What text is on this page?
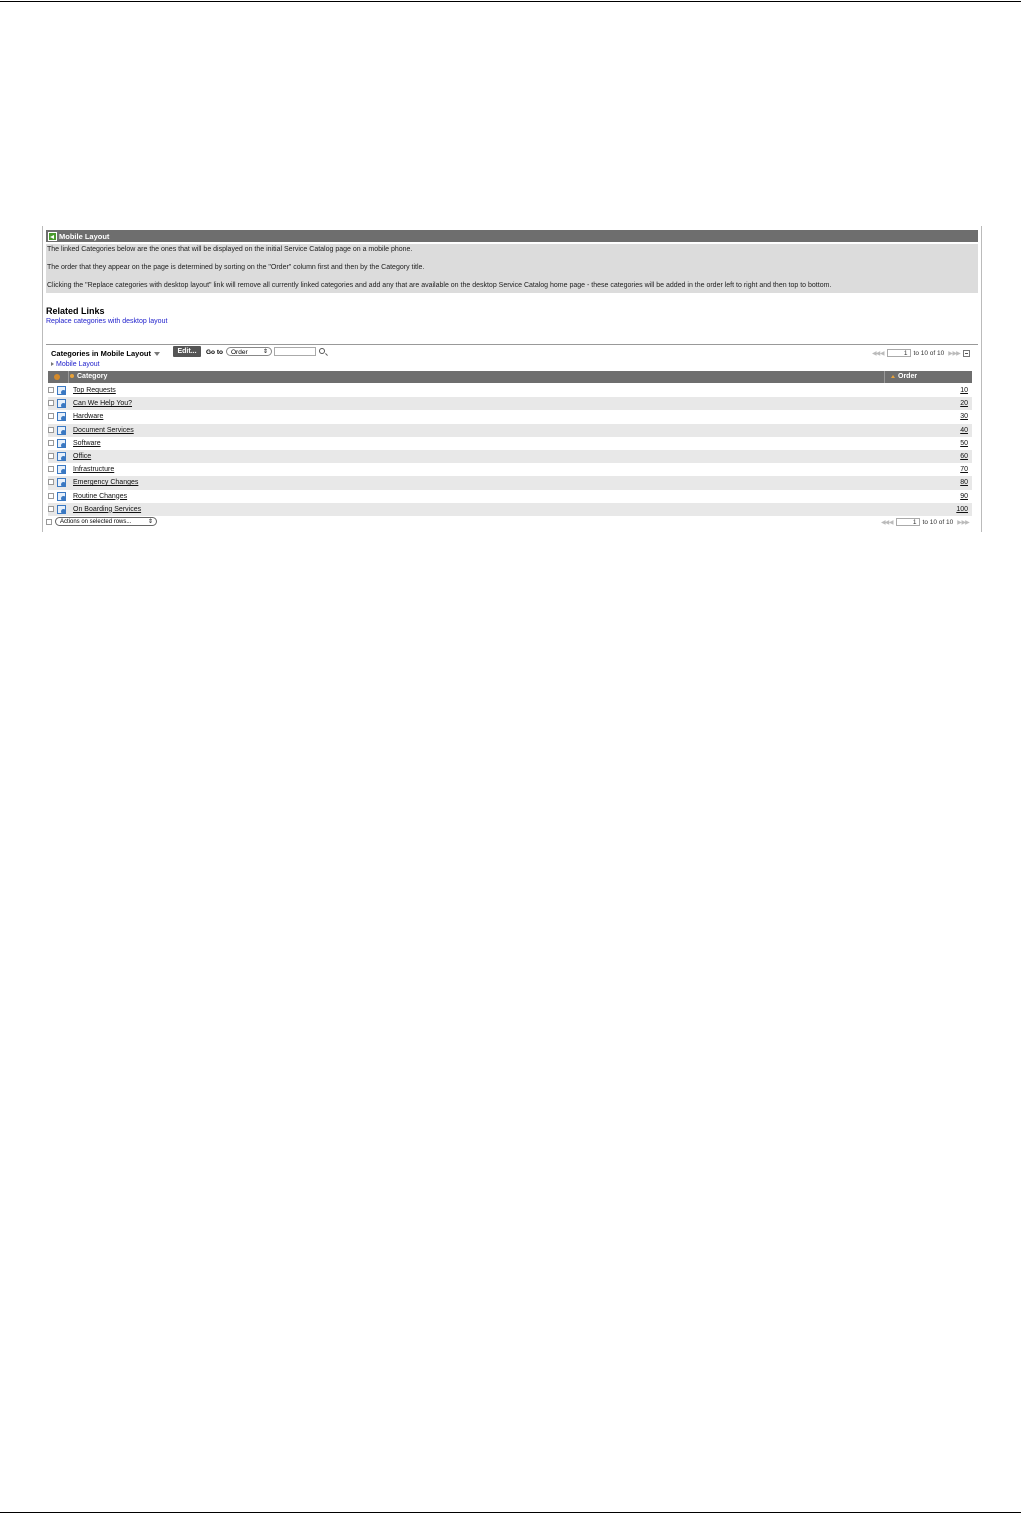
Mobile Layout

The linked Categories below are the ones that will be displayed on the initial Service Catalog page on a mobile phone.

The order that they appear on the page is determined by sorting on the "Order" column first and then by the Category title.

Clicking the "Replace categories with desktop layout" link will remove all currently linked categories and add any that are available on the desktop Service Catalog home page - these categories will be added in the order left to right and then top to bottom.

Related Links
Replace categories with desktop layout
Categories in Mobile Layout	Edit...	Go to	Order	⇕	◀◀ ◀	1 to 10 of 10 ▶ ▶▶
Mobile Layout
Category	Order
Top Requests	10
Can We Help You?	20
Hardware	30
Document Services	40
Software	50
Office	60
Infrastructure	70
Emergency Changes	80
Routine Changes	90
On Boarding Services	100
Actions on selected rows...	⇕	◀◀ ◀	1 to 10 of 10 ▶ ▶▶
